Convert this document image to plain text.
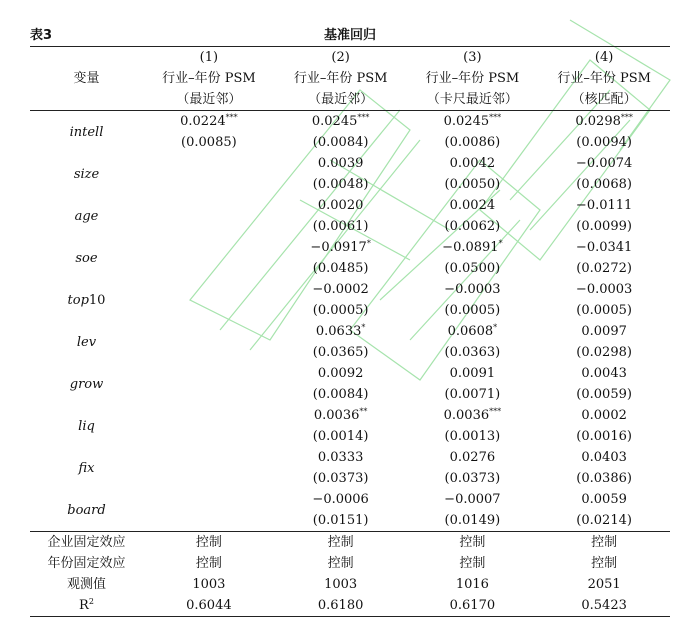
表3	基准回归
变量	(1)	(2)	(3)	(4)
	行业–年份 PSM	行业–年份 PSM	行业–年份 PSM	行业–年份 PSM
	（最近邻）	（最近邻）	（卡尺最近邻）	（核匹配）
intell	0.0224***	0.0245***	0.0245***	0.0298***
	(0.0085)	(0.0084)	(0.0086)	(0.0094)
size		0.0039	0.0042	−0.0074
		(0.0048)	(0.0050)	(0.0068)
age		0.0020	0.0024	−0.0111
		(0.0061)	(0.0062)	(0.0099)
soe		−0.0917*	−0.0891*	−0.0341
		(0.0485)	(0.0500)	(0.0272)
top10		−0.0002	−0.0003	−0.0003
		(0.0005)	(0.0005)	(0.0005)
lev		0.0633*	0.0608*	0.0097
		(0.0365)	(0.0363)	(0.0298)
grow		0.0092	0.0091	0.0043
		(0.0084)	(0.0071)	(0.0059)
liq		0.0036**	0.0036***	0.0002
		(0.0014)	(0.0013)	(0.0016)
fix		0.0333	0.0276	0.0403
		(0.0373)	(0.0373)	(0.0386)
board		−0.0006	−0.0007	0.0059
		(0.0151)	(0.0149)	(0.0214)
企业固定效应	控制	控制	控制	控制
年份固定效应	控制	控制	控制	控制
观测值	1003	1003	1016	2051
$R^2$	0.6044	0.6180	0.6170	0.5423
